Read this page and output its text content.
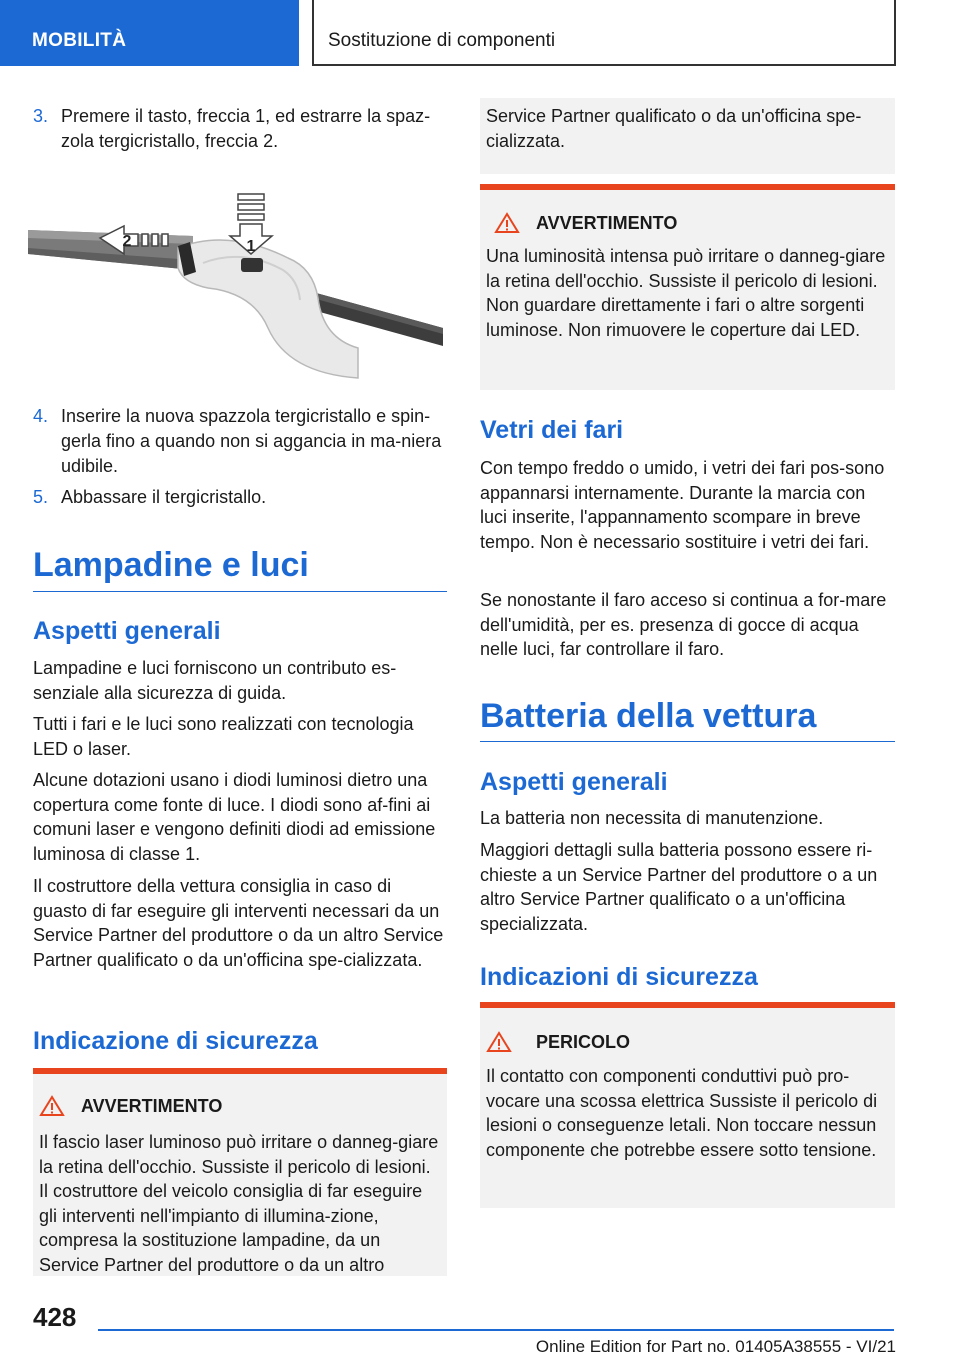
MOBILITÀ	Sostituzione di componenti
3. Premere il tasto, freccia 1, ed estrarre la spaz-zola tergicristallo, freccia 2.
1
2
4. Inserire la nuova spazzola tergicristallo e spin-gerla fino a quando non si aggancia in ma-niera udibile.
5. Abbassare il tergicristallo.
Lampadine e luci
Aspetti generali
Lampadine e luci forniscono un contributo es-senziale alla sicurezza di guida.
Tutti i fari e le luci sono realizzati con tecnologia LED o laser.
Alcune dotazioni usano i diodi luminosi dietro una copertura come fonte di luce. I diodi sono af-fini ai comuni laser e vengono definiti diodi ad emissione luminosa di classe 1.
Il costruttore della vettura consiglia in caso di guasto di far eseguire gli interventi necessari da un Service Partner del produttore o da un altro Service Partner qualificato o da un'officina spe-cializzata.
Indicazione di sicurezza
AVVERTIMENTO
Il fascio laser luminoso può irritare o danneg-giare la retina dell'occhio. Sussiste il pericolo di lesioni. Il costruttore del veicolo consiglia di far eseguire gli interventi nell'impianto di illumina-zione, compresa la sostituzione lampadine, da un Service Partner del produttore o da un altro
Service Partner qualificato o da un'officina spe-cializzata.
AVVERTIMENTO
Una luminosità intensa può irritare o danneg-giare la retina dell'occhio. Sussiste il pericolo di lesioni. Non guardare direttamente i fari o altre sorgenti luminose. Non rimuovere le coperture dai LED.
Vetri dei fari
Con tempo freddo o umido, i vetri dei fari pos-sono appannarsi internamente. Durante la marcia con luci inserite, l'appannamento scompare in breve tempo. Non è necessario sostituire i vetri dei fari.
Se nonostante il faro acceso si continua a for-mare dell'umidità, per es. presenza di gocce di acqua nelle luci, far controllare il faro.
Batteria della vettura
Aspetti generali
La batteria non necessita di manutenzione.
Maggiori dettagli sulla batteria possono essere ri-chieste a un Service Partner del produttore o a un altro Service Partner qualificato o a un'officina specializzata.
Indicazioni di sicurezza
PERICOLO
Il contatto con componenti conduttivi può pro-vocare una scossa elettrica Sussiste il pericolo di lesioni o conseguenze letali. Non toccare nessun componente che potrebbe essere sotto tensione.
428
Online Edition for Part no. 01405A38555 - VI/21
